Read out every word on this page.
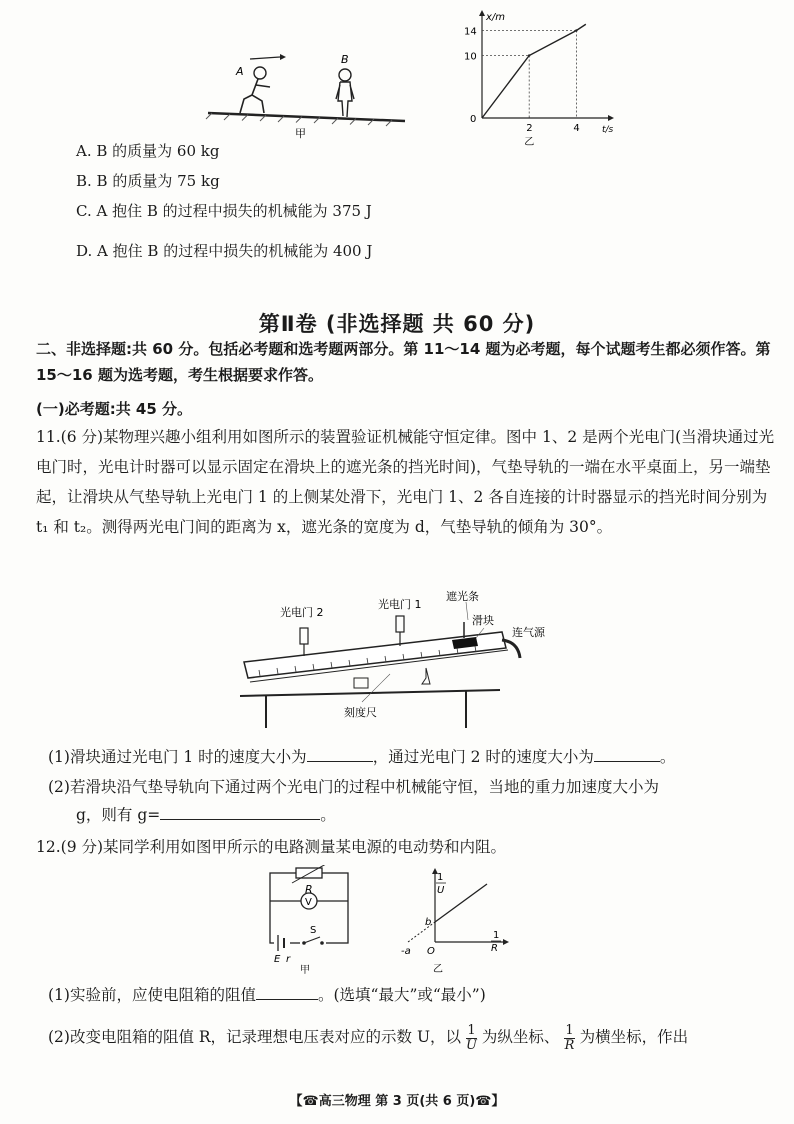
A
B
甲
14
10
2	4
0
x/m
t/s
乙
A. B 的质量为 60 kg
B. B 的质量为 75 kg
C. A 抱住 B 的过程中损失的机械能为 375 J
D. A 抱住 B 的过程中损失的机械能为 400 J
第Ⅱ卷 (非选择题 共 60 分)
二、非选择题:共 60 分。包括必考题和选考题两部分。第 11～14 题为必考题，每个试题考生都必须作答。第 15～16 题为选考题，考生根据要求作答。
(一)必考题:共 45 分。
11.(6 分)某物理兴趣小组利用如图所示的装置验证机械能守恒定律。图中 1、2 是两个光电门(当滑块通过光电门时，光电计时器可以显示固定在滑块上的遮光条的挡光时间)，气垫导轨的一端在水平桌面上，另一端垫起，让滑块从气垫导轨上光电门 1 的上侧某处滑下，光电门 1、2 各自连接的计时器显示的挡光时间分别为 t₁ 和 t₂。测得两光电门间的距离为 x，遮光条的宽度为 d，气垫导轨的倾角为 30°。
光电门 2
光电门 1
遮光条
滑块
连气源
刻度尺
(1)滑块通过光电门 1 时的速度大小为	，通过光电门 2 时的速度大小为	。
(2)若滑块沿气垫导轨向下通过两个光电门的过程中机械能守恒，当地的重力加速度大小为
g，则有 g=	。
12.(9 分)某同学利用如图甲所示的电路测量某电源的电动势和内阻。
R
V
S
E r
甲
1
U
1
R
b
-a O
乙
(1)实验前，应使电阻箱的阻值	。(选填“最大”或“最小”)
(2)改变电阻箱的阻值 R，记录理想电压表对应的示数 U，以 $\frac{1}{U}$ 为纵坐标、 $\frac{1}{R}$ 为横坐标，作出
【☎高三物理 第 3 页(共 6 页)☎】
